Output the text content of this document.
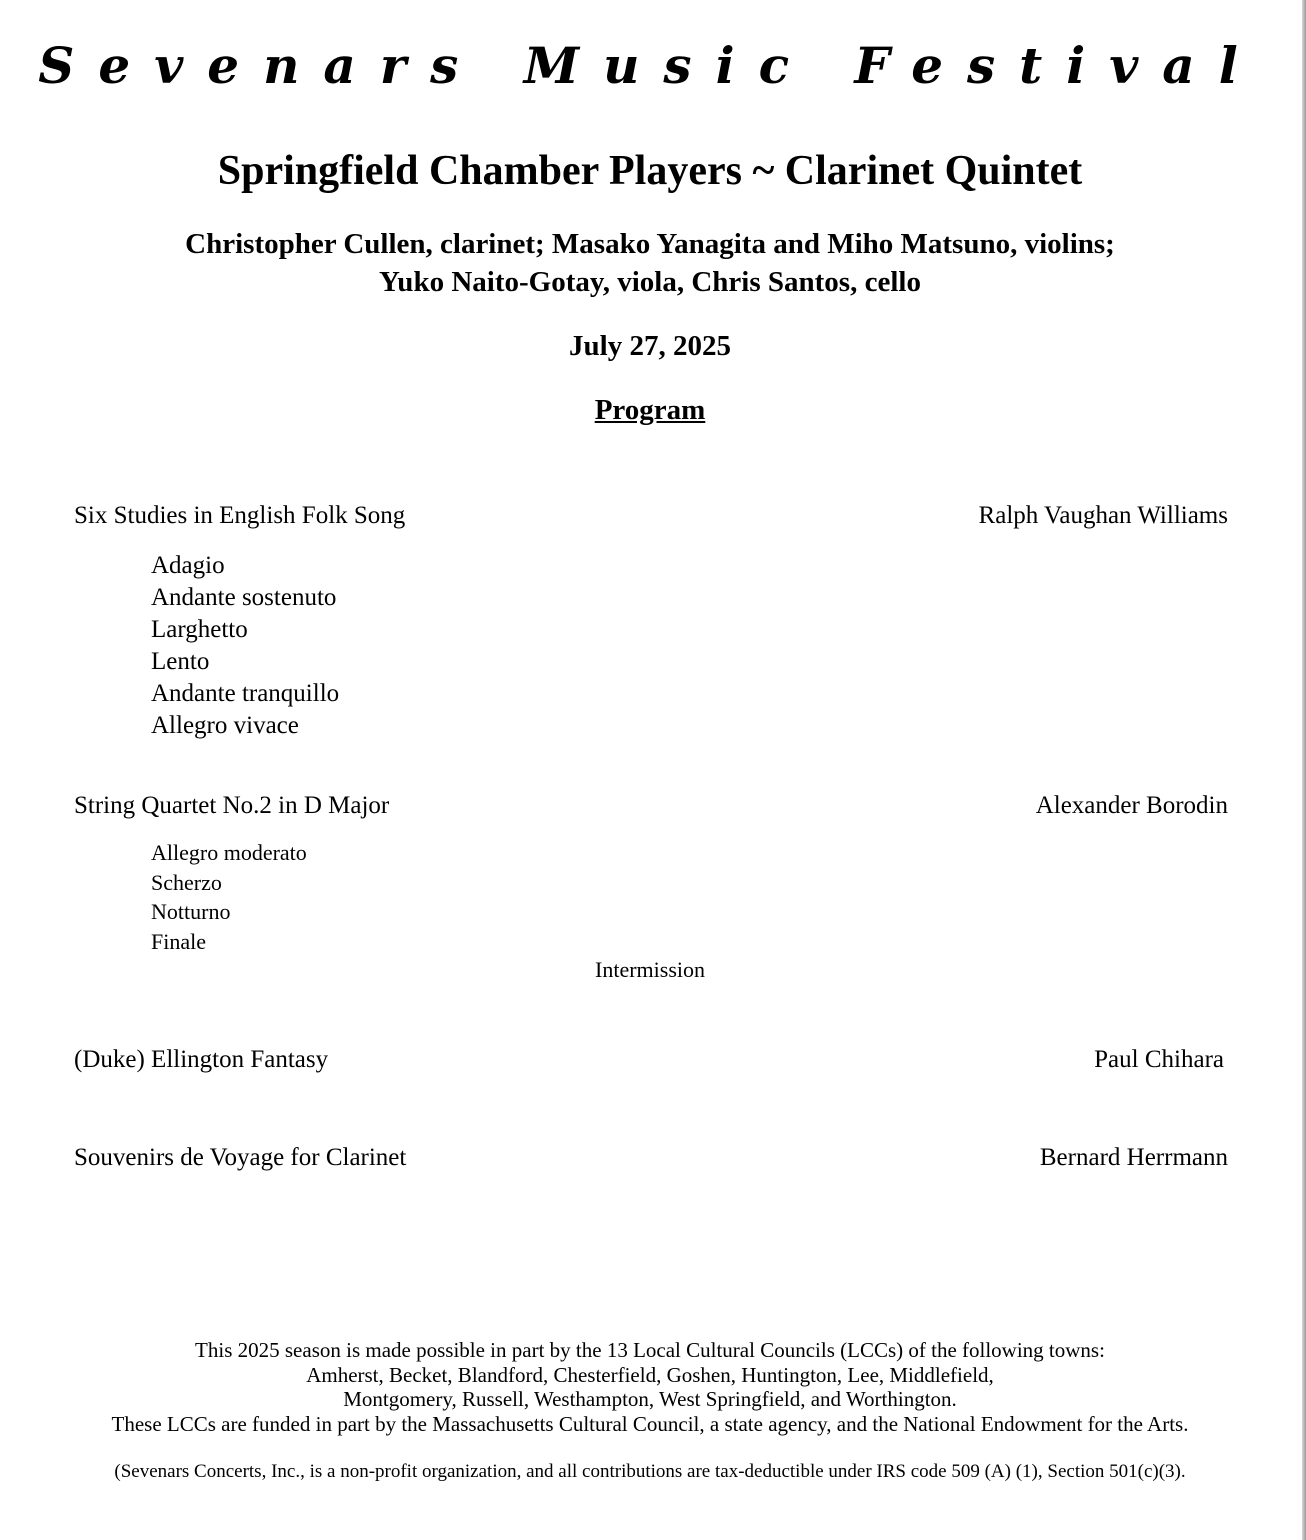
Sevenars Music Festival
Springfield Chamber Players ~ Clarinet Quintet
Christopher Cullen, clarinet; Masako Yanagita and Miho Matsuno, violins;
Yuko Naito-Gotay, viola, Chris Santos, cello
July 27, 2025
Program
Six Studies in English Folk Song	Ralph Vaughan Williams
Adagio
Andante sostenuto
Larghetto
Lento
Andante tranquillo
Allegro vivace
String Quartet No.2 in D Major	Alexander Borodin
Allegro moderato
Scherzo
Notturno
Finale
Intermission
(Duke) Ellington Fantasy	Paul Chihara
Souvenirs de Voyage for Clarinet	Bernard Herrmann
This 2025 season is made possible in part by the 13 Local Cultural Councils (LCCs) of the following towns:
Amherst, Becket, Blandford, Chesterfield, Goshen, Huntington, Lee, Middlefield,
Montgomery, Russell, Westhampton, West Springfield, and Worthington.
These LCCs are funded in part by the Massachusetts Cultural Council, a state agency, and the National Endowment for the Arts.
(Sevenars Concerts, Inc., is a non-profit organization, and all contributions are tax-deductible under IRS code 509 (A) (1), Section 501(c)(3).
